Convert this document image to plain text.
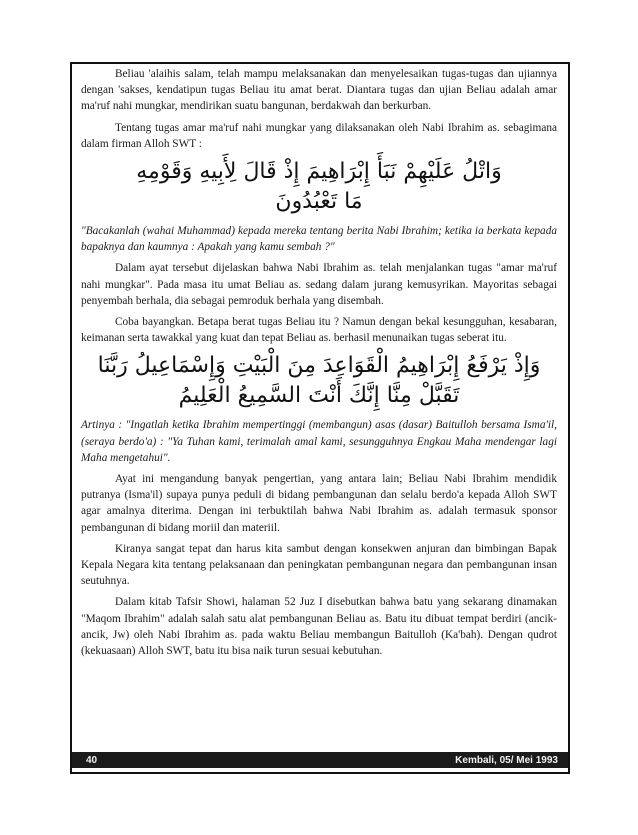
Beliau 'alaihis salam, telah mampu melaksanakan dan menyelesaikan tugas-tugas dan ujiannya dengan 'sakses, kendatipun tugas Beliau itu amat berat. Diantara tugas dan ujian Beliau adalah amar ma'ruf nahi mungkar, mendirikan suatu bangunan, berdakwah dan berkurban.

Tentang tugas amar ma'ruf nahi mungkar yang dilaksanakan oleh Nabi Ibrahim as. sebagimana dalam firman Alloh SWT :

وَاتْلُ عَلَيْهِمْ نَبَأَ إِبْرَاهِيمَ إِذْ قَالَ لِأَبِيهِ وَقَوْمِهِ
مَا تَعْبُدُونَ

"Bacakanlah (wahai Muhammad) kepada mereka tentang berita Nabi Ibrahim; ketika ia berkata kepada bapaknya dan kaumnya : Apakah yang kamu sembah ?"

Dalam ayat tersebut dijelaskan bahwa Nabi Ibrahim as. telah menjalankan tugas "amar ma'ruf nahi mungkar". Pada masa itu umat Beliau as. sedang dalam jurang kemusyrikan. Mayoritas sebagai penyembah berhala, dia sebagai pemroduk berhala yang disembah.

Coba bayangkan. Betapa berat tugas Beliau itu ? Namun dengan bekal kesungguhan, kesabaran, keimanan serta tawakkal yang kuat dan tepat Beliau as. berhasil menunaikan tugas seberat itu.

وَإِذْ يَرْفَعُ إِبْرَاهِيمُ الْقَوَاعِدَ مِنَ الْبَيْتِ وَإِسْمَاعِيلُ رَبَّنَا
تَقَبَّلْ مِنَّا إِنَّكَ أَنْتَ السَّمِيعُ الْعَلِيمُ

Artinya : "Ingatlah ketika Ibrahim mempertinggi (membangun) asas (dasar) Baitulloh bersama Isma'il, (seraya berdo'a) : "Ya Tuhan kami, terimalah amal kami, sesungguhnya Engkau Maha mendengar lagi Maha mengetahui".

Ayat ini mengandung banyak pengertian, yang antara lain; Beliau Nabi Ibrahim mendidik putranya (Isma'il) supaya punya peduli di bidang pembangunan dan selalu berdo'a kepada Alloh SWT agar amalnya diterima. Dengan ini terbuktilah bahwa Nabi Ibrahim as. adalah termasuk sponsor pembangunan di bidang moriil dan materiil.

Kiranya sangat tepat dan harus kita sambut dengan konsekwen anjuran dan bimbingan Bapak Kepala Negara kita tentang pelaksanaan dan peningkatan pembangunan negara dan pembangunan insan seutuhnya.

Dalam kitab Tafsir Showi, halaman 52 Juz I disebutkan bahwa batu yang sekarang dinamakan "Maqom Ibrahim" adalah salah satu alat pembangunan Beliau as. Batu itu dibuat tempat berdiri (ancik- ancik, Jw) oleh Nabi Ibrahim as. pada waktu Beliau membangun Baitulloh (Ka'bah). Dengan qudrot (kekuasaan) Alloh SWT, batu itu bisa naik turun sesuai kebutuhan.

40	Kembali, 05/ Mei 1993
